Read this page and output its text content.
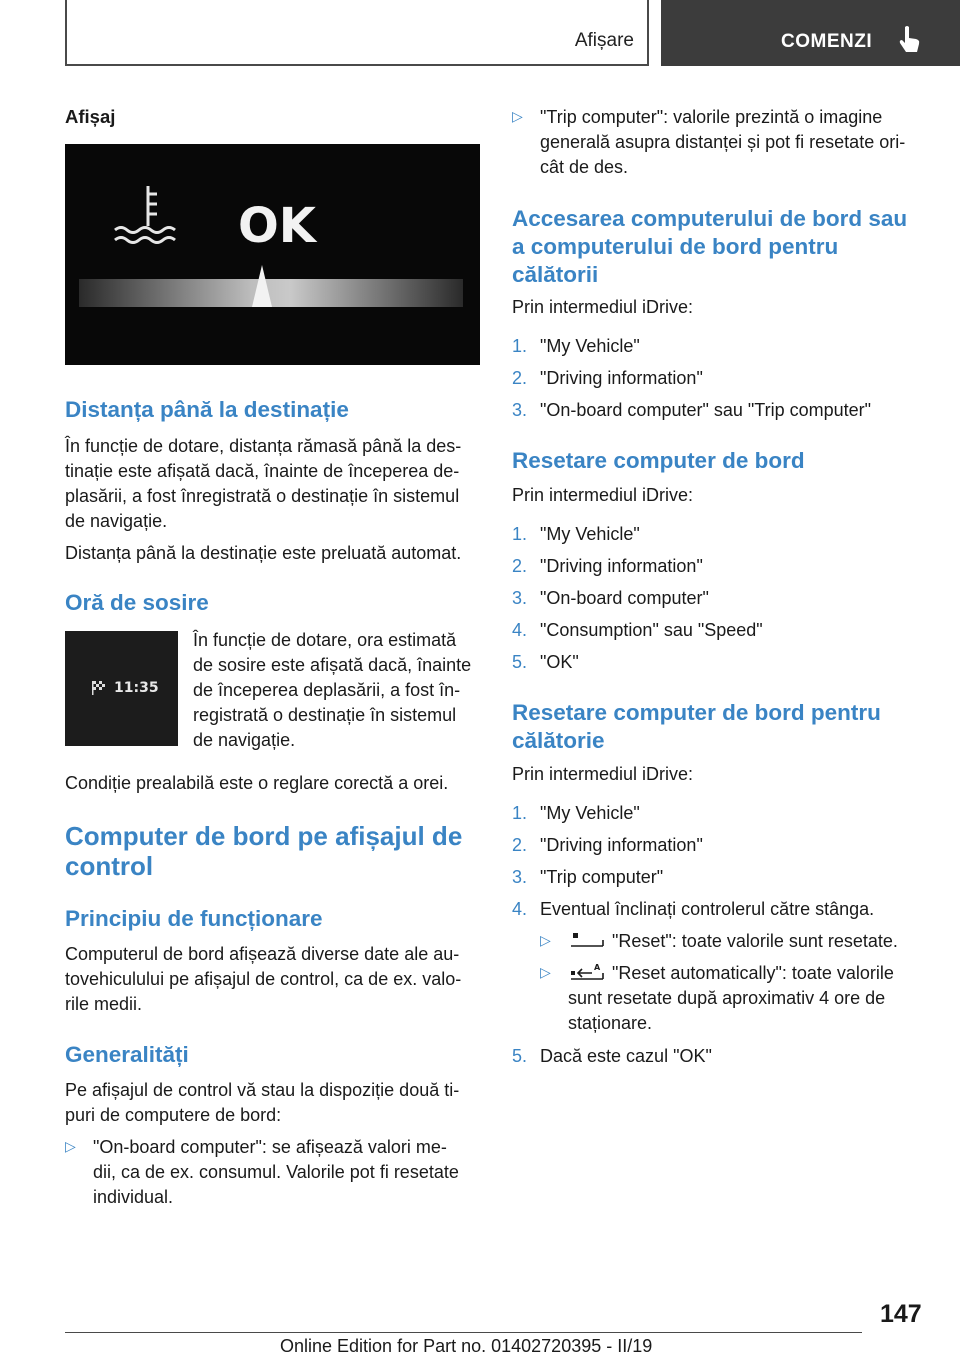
Afișare	COMENZI
Afișaj
OK
Distanța până la destinație
În funcție de dotare, distanța rămasă până la des-
tinație este afișată dacă, înainte de începerea de-
plasării, a fost înregistrată o destinație în sistemul
de navigație.
Distanța până la destinație este preluată automat.
Oră de sosire
11:35
În funcție de dotare, ora estimată
de sosire este afișată dacă, înainte
de începerea deplasării, a fost în-
registrată o destinație în sistemul
de navigație.
Condiție prealabilă este o reglare corectă a orei.
Computer de bord pe afișajul de
control
Principiu de funcționare
Computerul de bord afișează diverse date ale au-
tovehiculului pe afișajul de control, ca de ex. valo-
rile medii.
Generalități
Pe afișajul de control vă stau la dispoziție două ti-
puri de computere de bord:
▷ "On-board computer": se afișează valori me-
dii, ca de ex. consumul. Valorile pot fi resetate
individual.
▷ "Trip computer": valorile prezintă o imagine
generală asupra distanței și pot fi resetate ori-
cât de des.
Accesarea computerului de bord sau
a computerului de bord pentru
călătorii
Prin intermediul iDrive:
1. "My Vehicle"
2. "Driving information"
3. "On-board computer" sau "Trip computer"
Resetare computer de bord
Prin intermediul iDrive:
1. "My Vehicle"
2. "Driving information"
3. "On-board computer"
4. "Consumption" sau "Speed"
5. "OK"
Resetare computer de bord pentru
călătorie
Prin intermediul iDrive:
1. "My Vehicle"
2. "Driving information"
3. "Trip computer"
4. Eventual înclinați controlerul către stânga.
▷	"Reset": toate valorile sunt resetate.
▷	A "Reset automatically": toate valorile
sunt resetate după aproximativ 4 ore de
staționare.
5. Dacă este cazul "OK"
147
Online Edition for Part no. 01402720395 - II/19
